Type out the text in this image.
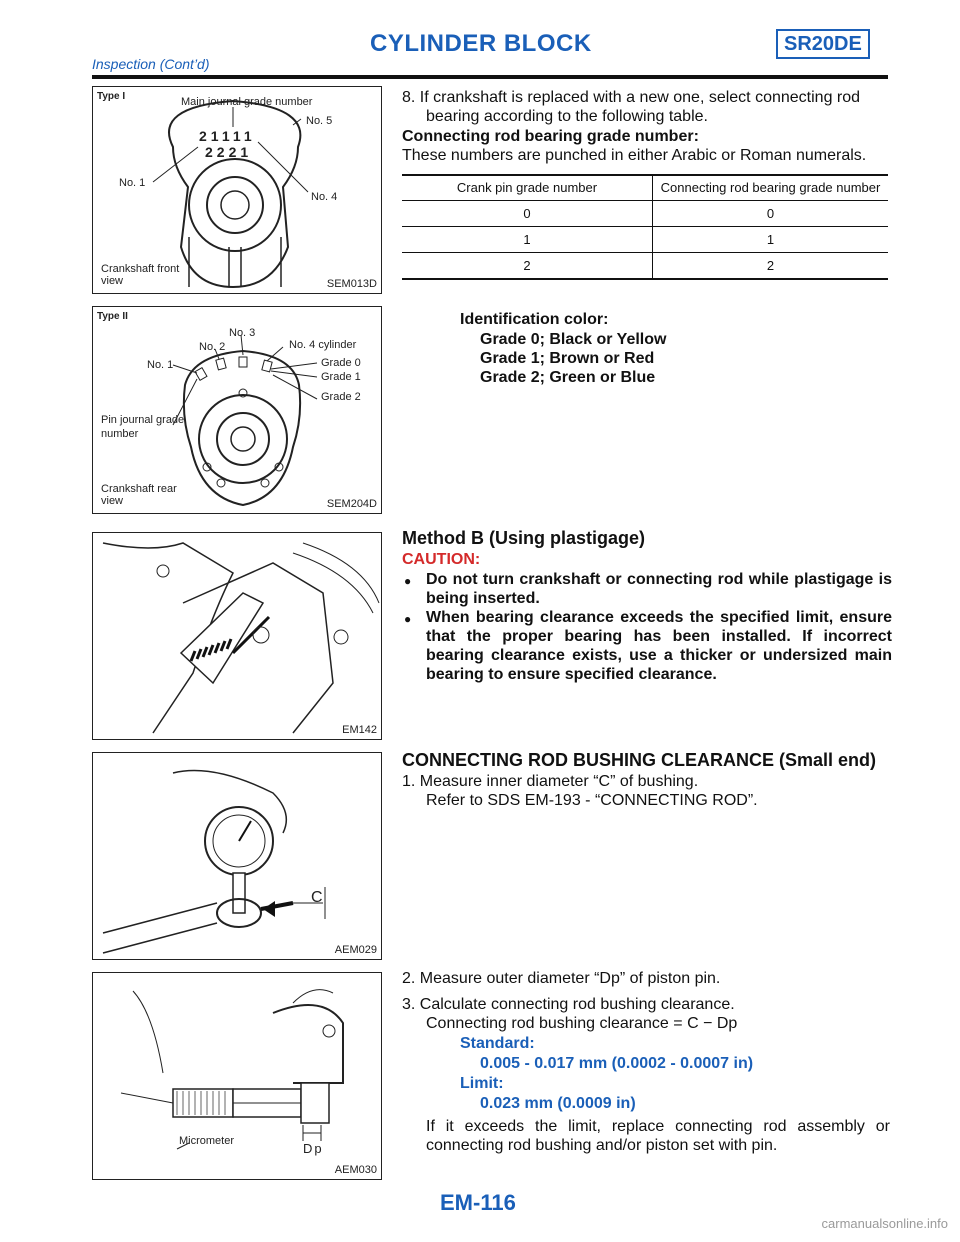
CYLINDER BLOCK	SR20DE
Inspection (Cont’d)
Type I	Main journal grade number
No. 5
No. 1
No. 4
21111
2221
Crankshaft front view	SEM013D
Type II
No. 3
No. 2	No. 4 cylinder
No. 1	Grade 0
Grade 1
Grade 2
Pin journal grade number
Crankshaft rear view	SEM204D
EM142
C
AEM029
Micrometer	Dp
AEM030
8. If crankshaft is replaced with a new one, select connecting rod bearing according to the following table.
Connecting rod bearing grade number:
These numbers are punched in either Arabic or Roman numerals.
Crank pin grade number	Connecting rod bearing grade number
0	0
1	1
2	2
Identification color:
Grade 0; Black or Yellow
Grade 1; Brown or Red
Grade 2; Green or Blue
Method B (Using plastigage)
CAUTION:
● Do not turn crankshaft or connecting rod while plastigage is being inserted.
● When bearing clearance exceeds the specified limit, ensure that the proper bearing has been installed. If incorrect bearing clearance exists, use a thicker or undersized main bearing to ensure specified clearance.
CONNECTING ROD BUSHING CLEARANCE (Small end)
1. Measure inner diameter “C” of bushing.
Refer to SDS EM-193 - “CONNECTING ROD”.
2. Measure outer diameter “Dp” of piston pin.
3. Calculate connecting rod bushing clearance.
Connecting rod bushing clearance = C − Dp
Standard:
0.005 - 0.017 mm (0.0002 - 0.0007 in)
Limit:
0.023 mm (0.0009 in)
If it exceeds the limit, replace connecting rod assembly or connecting rod bushing and/or piston set with pin.
EM-116
carmanualsonline.info
